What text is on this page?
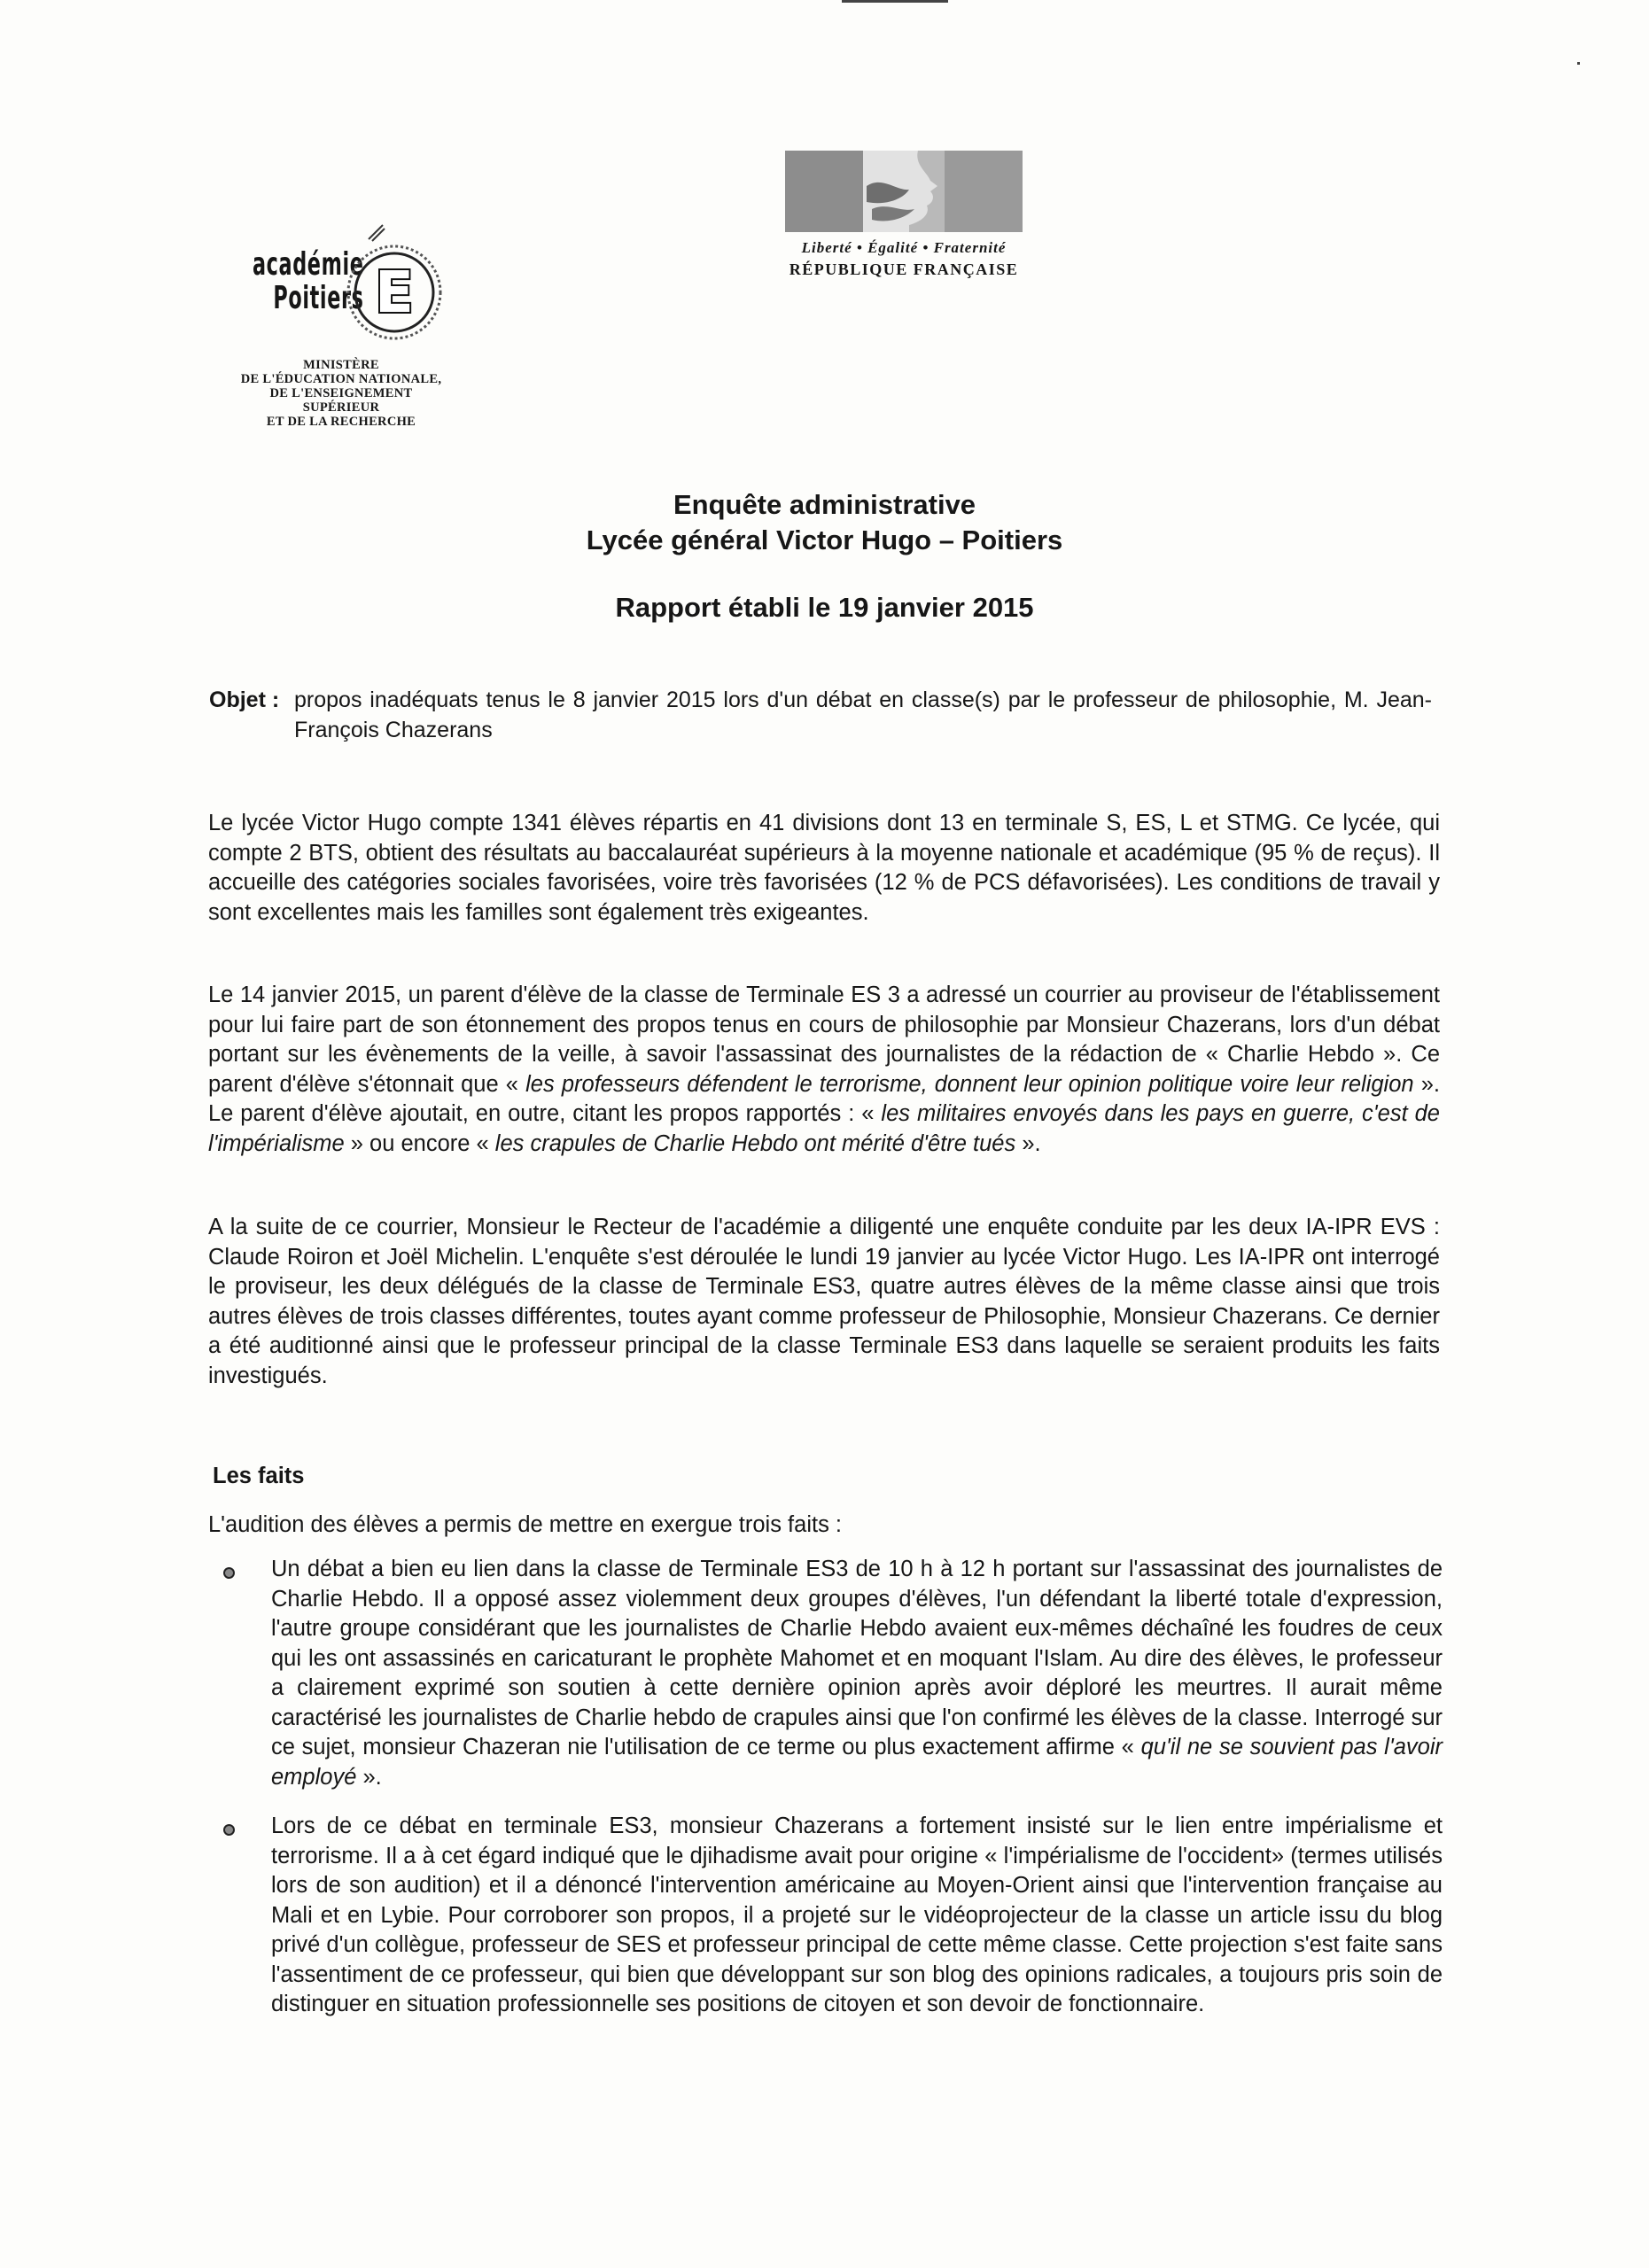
Liberté • Égalité • Fraternité
RÉPUBLIQUE FRANÇAISE
académie
Poitiers E
MINISTÈRE
DE L'ÉDUCATION NATIONALE,
DE L'ENSEIGNEMENT SUPÉRIEUR
ET DE LA RECHERCHE
Enquête administrative
Lycée général Victor Hugo – Poitiers
Rapport établi le 19 janvier 2015
Objet : propos inadéquats tenus le 8 janvier 2015 lors d'un débat en classe(s) par le professeur de philosophie, M. Jean-François Chazerans
Le lycée Victor Hugo compte 1341 élèves répartis en 41 divisions dont 13 en terminale S, ES, L et STMG. Ce lycée, qui compte 2 BTS, obtient des résultats au baccalauréat supérieurs à la moyenne nationale et académique (95 % de reçus). Il accueille des catégories sociales favorisées, voire très favorisées (12 % de PCS défavorisées). Les conditions de travail y sont excellentes mais les familles sont également très exigeantes.
Le 14 janvier 2015, un parent d'élève de la classe de Terminale ES 3 a adressé un courrier au proviseur de l'établissement pour lui faire part de son étonnement des propos tenus en cours de philosophie par Monsieur Chazerans, lors d'un débat portant sur les évènements de la veille, à savoir l'assassinat des journalistes de la rédaction de « Charlie Hebdo ». Ce parent d'élève s'étonnait que « les professeurs défendent le terrorisme, donnent leur opinion politique voire leur religion ». Le parent d'élève ajoutait, en outre, citant les propos rapportés : « les militaires envoyés dans les pays en guerre, c'est de l'impérialisme » ou encore « les crapules de Charlie Hebdo ont mérité d'être tués ».
A la suite de ce courrier, Monsieur le Recteur de l'académie a diligenté une enquête conduite par les deux IA-IPR EVS : Claude Roiron et Joël Michelin. L'enquête s'est déroulée le lundi 19 janvier au lycée Victor Hugo. Les IA-IPR ont interrogé le proviseur, les deux délégués de la classe de Terminale ES3, quatre autres élèves de la même classe ainsi que trois autres élèves de trois classes différentes, toutes ayant comme professeur de Philosophie, Monsieur Chazerans. Ce dernier a été auditionné ainsi que le professeur principal de la classe Terminale ES3 dans laquelle se seraient produits les faits investigués.
Les faits
L'audition des élèves a permis de mettre en exergue trois faits :
Un débat a bien eu lien dans la classe de Terminale ES3 de 10 h à 12 h portant sur l'assassinat des journalistes de Charlie Hebdo. Il a opposé assez violemment deux groupes d'élèves, l'un défendant la liberté totale d'expression, l'autre groupe considérant que les journalistes de Charlie Hebdo avaient eux-mêmes déchaîné les foudres de ceux qui les ont assassinés en caricaturant le prophète Mahomet et en moquant l'Islam. Au dire des élèves, le professeur a clairement exprimé son soutien à cette dernière opinion après avoir déploré les meurtres. Il aurait même caractérisé les journalistes de Charlie hebdo de crapules ainsi que l'on confirmé les élèves de la classe. Interrogé sur ce sujet, monsieur Chazeran nie l'utilisation de ce terme ou plus exactement affirme « qu'il ne se souvient pas l'avoir employé ».
Lors de ce débat en terminale ES3, monsieur Chazerans a fortement insisté sur le lien entre impérialisme et terrorisme. Il a à cet égard indiqué que le djihadisme avait pour origine « l'impérialisme de l'occident» (termes utilisés lors de son audition) et il a dénoncé l'intervention américaine au Moyen-Orient ainsi que l'intervention française au Mali et en Lybie. Pour corroborer son propos, il a projeté sur le vidéoprojecteur de la classe un article issu du blog privé d'un collègue, professeur de SES et professeur principal de cette même classe. Cette projection s'est faite sans l'assentiment de ce professeur, qui bien que développant sur son blog des opinions radicales, a toujours pris soin de distinguer en situation professionnelle ses positions de citoyen et son devoir de fonctionnaire.
